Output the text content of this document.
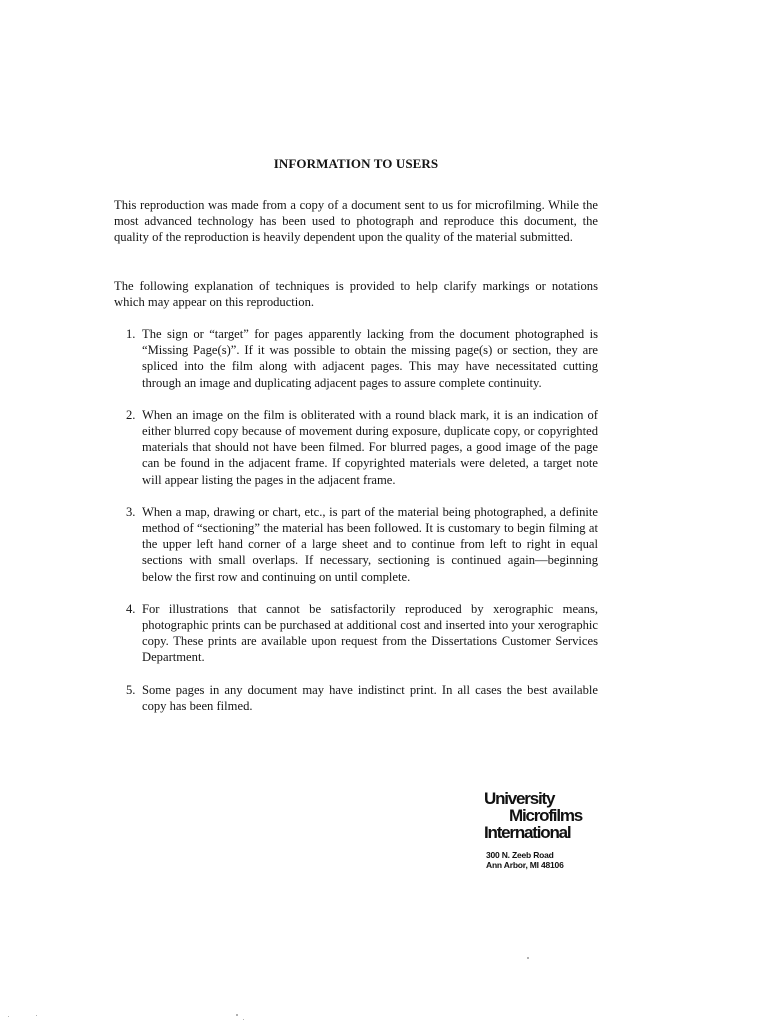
INFORMATION TO USERS

This reproduction was made from a copy of a document sent to us for microfilming. While the most advanced technology has been used to photograph and reproduce this document, the quality of the reproduction is heavily dependent upon the quality of the material submitted.

The following explanation of techniques is provided to help clarify markings or notations which may appear on this reproduction.

1. The sign or “target” for pages apparently lacking from the document photographed is “Missing Page(s)”. If it was possible to obtain the missing page(s) or section, they are spliced into the film along with adjacent pages. This may have necessitated cutting through an image and duplicating adjacent pages to assure complete continuity.
2. When an image on the film is obliterated with a round black mark, it is an indication of either blurred copy because of movement during exposure, duplicate copy, or copyrighted materials that should not have been filmed. For blurred pages, a good image of the page can be found in the adjacent frame. If copyrighted materials were deleted, a target note will appear listing the pages in the adjacent frame.
3. When a map, drawing or chart, etc., is part of the material being photographed, a definite method of “sectioning” the material has been followed. It is customary to begin filming at the upper left hand corner of a large sheet and to continue from left to right in equal sections with small overlaps. If necessary, sectioning is continued again—beginning below the first row and continuing on until complete.
4. For illustrations that cannot be satisfactorily reproduced by xerographic means, photographic prints can be purchased at additional cost and inserted into your xerographic copy. These prints are available upon request from the Dissertations Customer Services Department.
5. Some pages in any document may have indistinct print. In all cases the best available copy has been filmed.
University
Microfilms
International
300 N. Zeeb Road
Ann Arbor, MI 48106
